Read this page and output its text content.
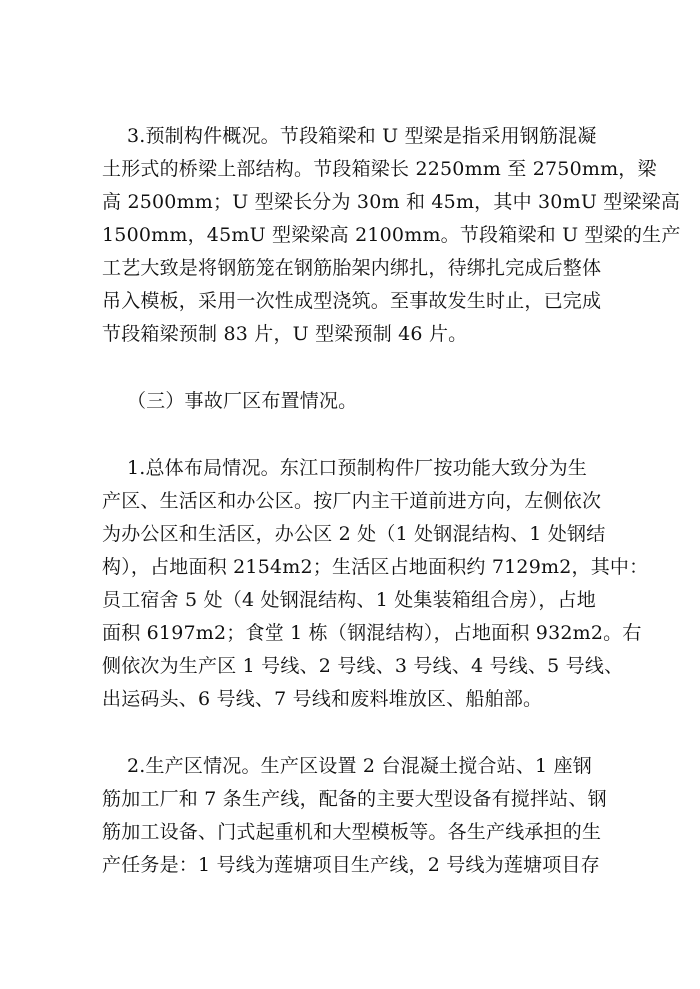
3.预制构件概况。节段箱梁和 U 型梁是指采用钢筋混凝
土形式的桥梁上部结构。节段箱梁长 2250mm 至 2750mm，梁
高 2500mm；U 型梁长分为 30m 和 45m，其中 30mU 型梁梁高
1500mm，45mU 型梁梁高 2100mm。节段箱梁和 U 型梁的生产
工艺大致是将钢筋笼在钢筋胎架内绑扎，待绑扎完成后整体
吊入模板，采用一次性成型浇筑。至事故发生时止，已完成
节段箱梁预制 83 片，U 型梁预制 46 片。
（三）事故厂区布置情况。
1.总体布局情况。东江口预制构件厂按功能大致分为生
产区、生活区和办公区。按厂内主干道前进方向，左侧依次
为办公区和生活区，办公区 2 处（1 处钢混结构、1 处钢结
构），占地面积 2154m2；生活区占地面积约 7129m2，其中：
员工宿舍 5 处（4 处钢混结构、1 处集装箱组合房），占地
面积 6197m2；食堂 1 栋（钢混结构），占地面积 932m2。右
侧依次为生产区 1 号线、2 号线、3 号线、4 号线、5 号线、
出运码头、6 号线、7 号线和废料堆放区、船舶部。
2.生产区情况。生产区设置 2 台混凝土搅合站、1 座钢
筋加工厂和 7 条生产线，配备的主要大型设备有搅拌站、钢
筋加工设备、门式起重机和大型模板等。各生产线承担的生
产任务是：1 号线为莲塘项目生产线，2 号线为莲塘项目存
